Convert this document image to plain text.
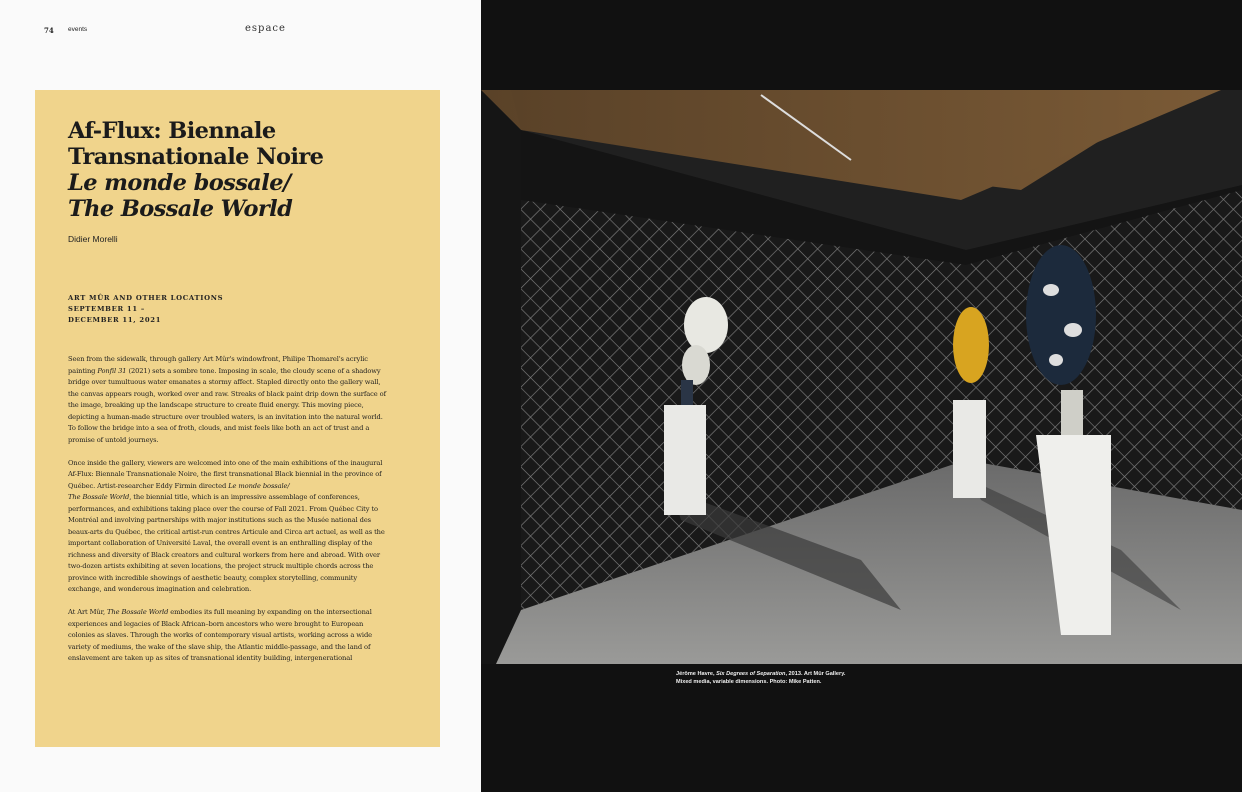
74 events	espace
Af-Flux: Biennale
Transnationale Noire
Le monde bossale/
The Bossale World
Didier Morelli
ART MÛR AND OTHER LOCATIONS
SEPTEMBER 11 –
DECEMBER 11, 2021

Seen from the sidewalk, through gallery Art Mûr's windowfront, Philipe Thomarel's acrylic painting Ponfil 31 (2021) sets a sombre tone. Imposing in scale, the cloudy scene of a shadowy bridge over tumultuous water emanates a stormy affect. Stapled directly onto the gallery wall, the canvas appears rough, worked over and raw. Streaks of black paint drip down the surface of the image, breaking up the landscape structure to create fluid energy. This moving piece, depicting a human-made structure over troubled waters, is an invitation into the natural world. To follow the bridge into a sea of froth, clouds, and mist feels like both an act of trust and a promise of untold journeys.

Once inside the gallery, viewers are welcomed into one of the main exhibitions of the inaugural Af-Flux: Biennale Transnationale Noire, the first transnational Black biennial in the province of Québec. Artist-researcher Eddy Firmin directed Le monde bossale/
The Bossale World, the biennial title, which is an impressive assemblage of conferences, performances, and exhibitions taking place over the course of Fall 2021. From Québec City to Montréal and involving partnerships with major institutions such as the Musée national des beaux-arts du Québec, the critical artist-run centres Articule and Circa art actuel, as well as the important collaboration of Université Laval, the overall event is an enthralling display of the richness and diversity of Black creators and cultural workers from here and abroad. With over two-dozen artists exhibiting at seven locations, the project struck multiple chords across the province with incredible showings of aesthetic beauty, complex storytelling, community exchange, and wonderous imagination and celebration.

At Art Mûr, The Bossale World embodies its full meaning by expanding on the intersectional experiences and legacies of Black African–born ancestors who were brought to European colonies as slaves. Through the works of contemporary visual artists, working across a wide variety of mediums, the wake of the slave ship, the Atlantic middle-passage, and the land of enslavement are taken up as sites of transnational identity building, intergenerational

Jérôme Havre, Six Degrees of Separation, 2013. Art Mûr Gallery.
Mixed media, variable dimensions. Photo: Mike Patten.
